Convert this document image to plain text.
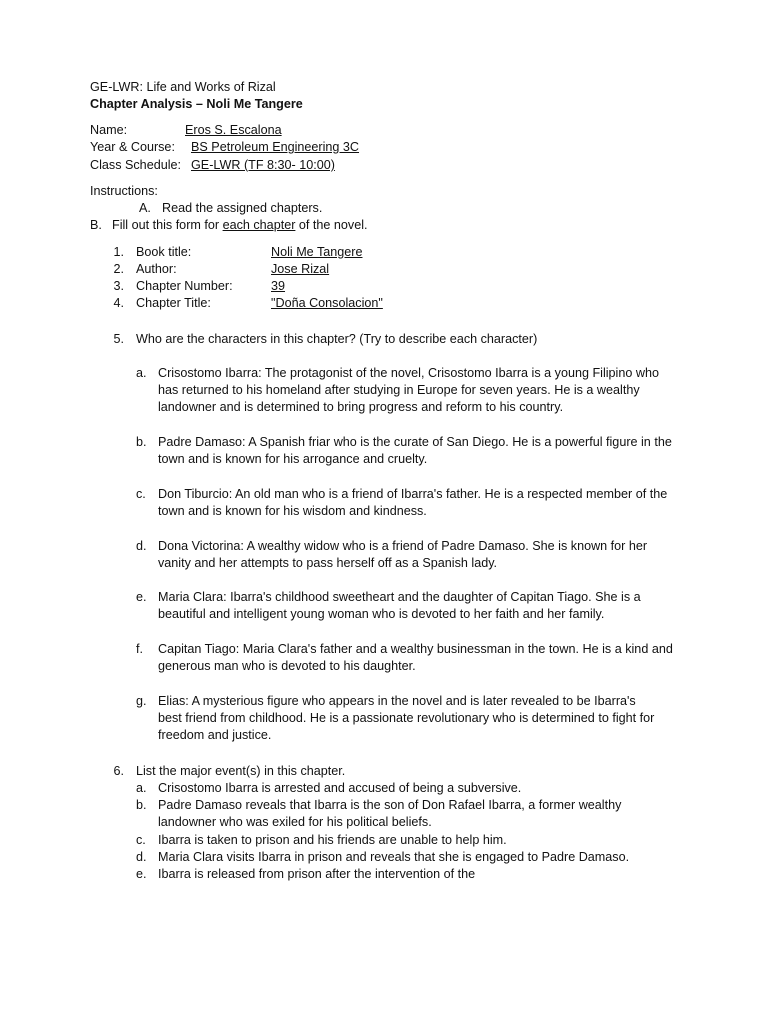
GE-LWR: Life and Works of Rizal
Chapter Analysis – Noli Me Tangere
Name:	Eros S. Escalona
Year & Course: BS Petroleum Engineering 3C
Class Schedule: GE-LWR (TF 8:30- 10:00)
Instructions:
A. Read the assigned chapters.
B. Fill out this form for each chapter of the novel.
1. Book title:	Noli Me Tangere
2. Author:	Jose Rizal
3. Chapter Number:	39
4. Chapter Title:	"Doña Consolacion"
5. Who are the characters in this chapter? (Try to describe each character)
a. Crisostomo Ibarra: The protagonist of the novel, Crisostomo Ibarra is a young Filipino who has returned to his homeland after studying in Europe for seven years. He is a wealthy landowner and is determined to bring progress and reform to his country.
b. Padre Damaso: A Spanish friar who is the curate of San Diego. He is a powerful figure in the town and is known for his arrogance and cruelty.
c. Don Tiburcio: An old man who is a friend of Ibarra's father. He is a respected member of the town and is known for his wisdom and kindness.
d. Dona Victorina: A wealthy widow who is a friend of Padre Damaso. She is known for her vanity and her attempts to pass herself off as a Spanish lady.
e. Maria Clara: Ibarra's childhood sweetheart and the daughter of Capitan Tiago. She is a beautiful and intelligent young woman who is devoted to her faith and her family.
f. Capitan Tiago: Maria Clara's father and a wealthy businessman in the town. He is a kind and generous man who is devoted to his daughter.
g. Elias: A mysterious figure who appears in the novel and is later revealed to be Ibarra's best friend from childhood. He is a passionate revolutionary who is determined to fight for freedom and justice.
6. List the major event(s) in this chapter.
a. Crisostomo Ibarra is arrested and accused of being a subversive.
b. Padre Damaso reveals that Ibarra is the son of Don Rafael Ibarra, a former wealthy landowner who was exiled for his political beliefs.
c. Ibarra is taken to prison and his friends are unable to help him.
d. Maria Clara visits Ibarra in prison and reveals that she is engaged to Padre Damaso.
e. Ibarra is released from prison after the intervention of the
